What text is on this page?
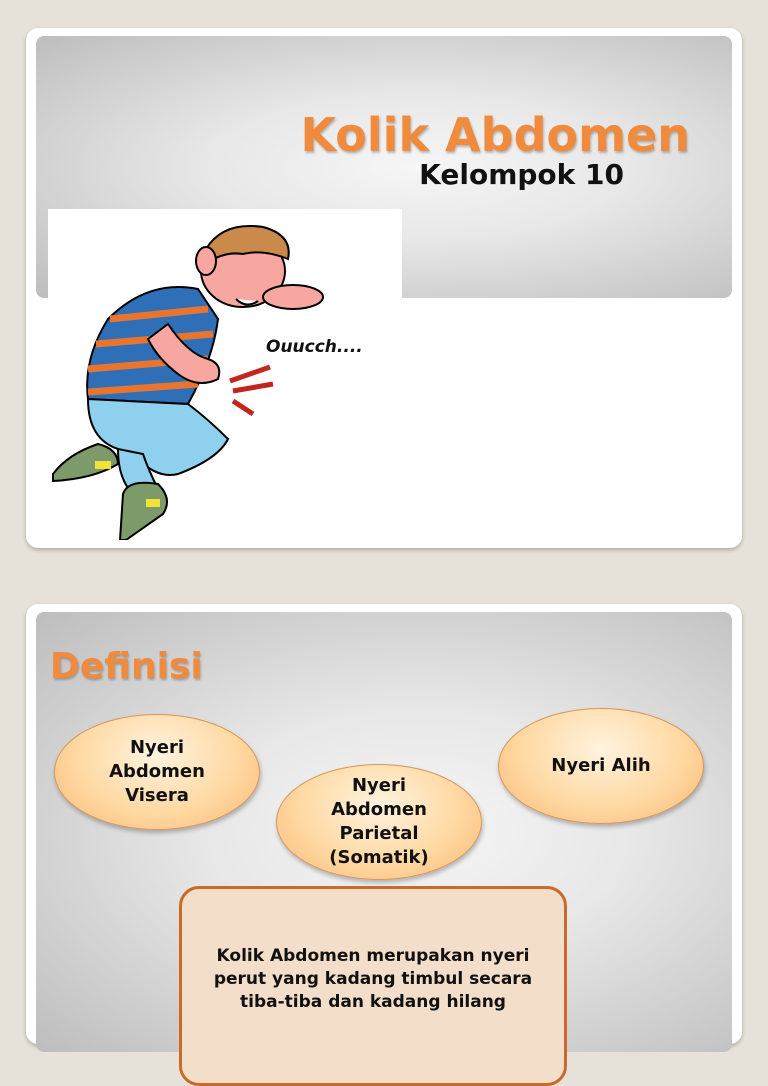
Kolik Abdomen
Kelompok 10
Ouucch....
Definisi
Nyeri
Abdomen
Visera	Nyeri
Abdomen
Parietal
(Somatik)
Nyeri Alih
Kolik Abdomen merupakan nyeri perut yang kadang timbul secara tiba-tiba dan kadang hilang
